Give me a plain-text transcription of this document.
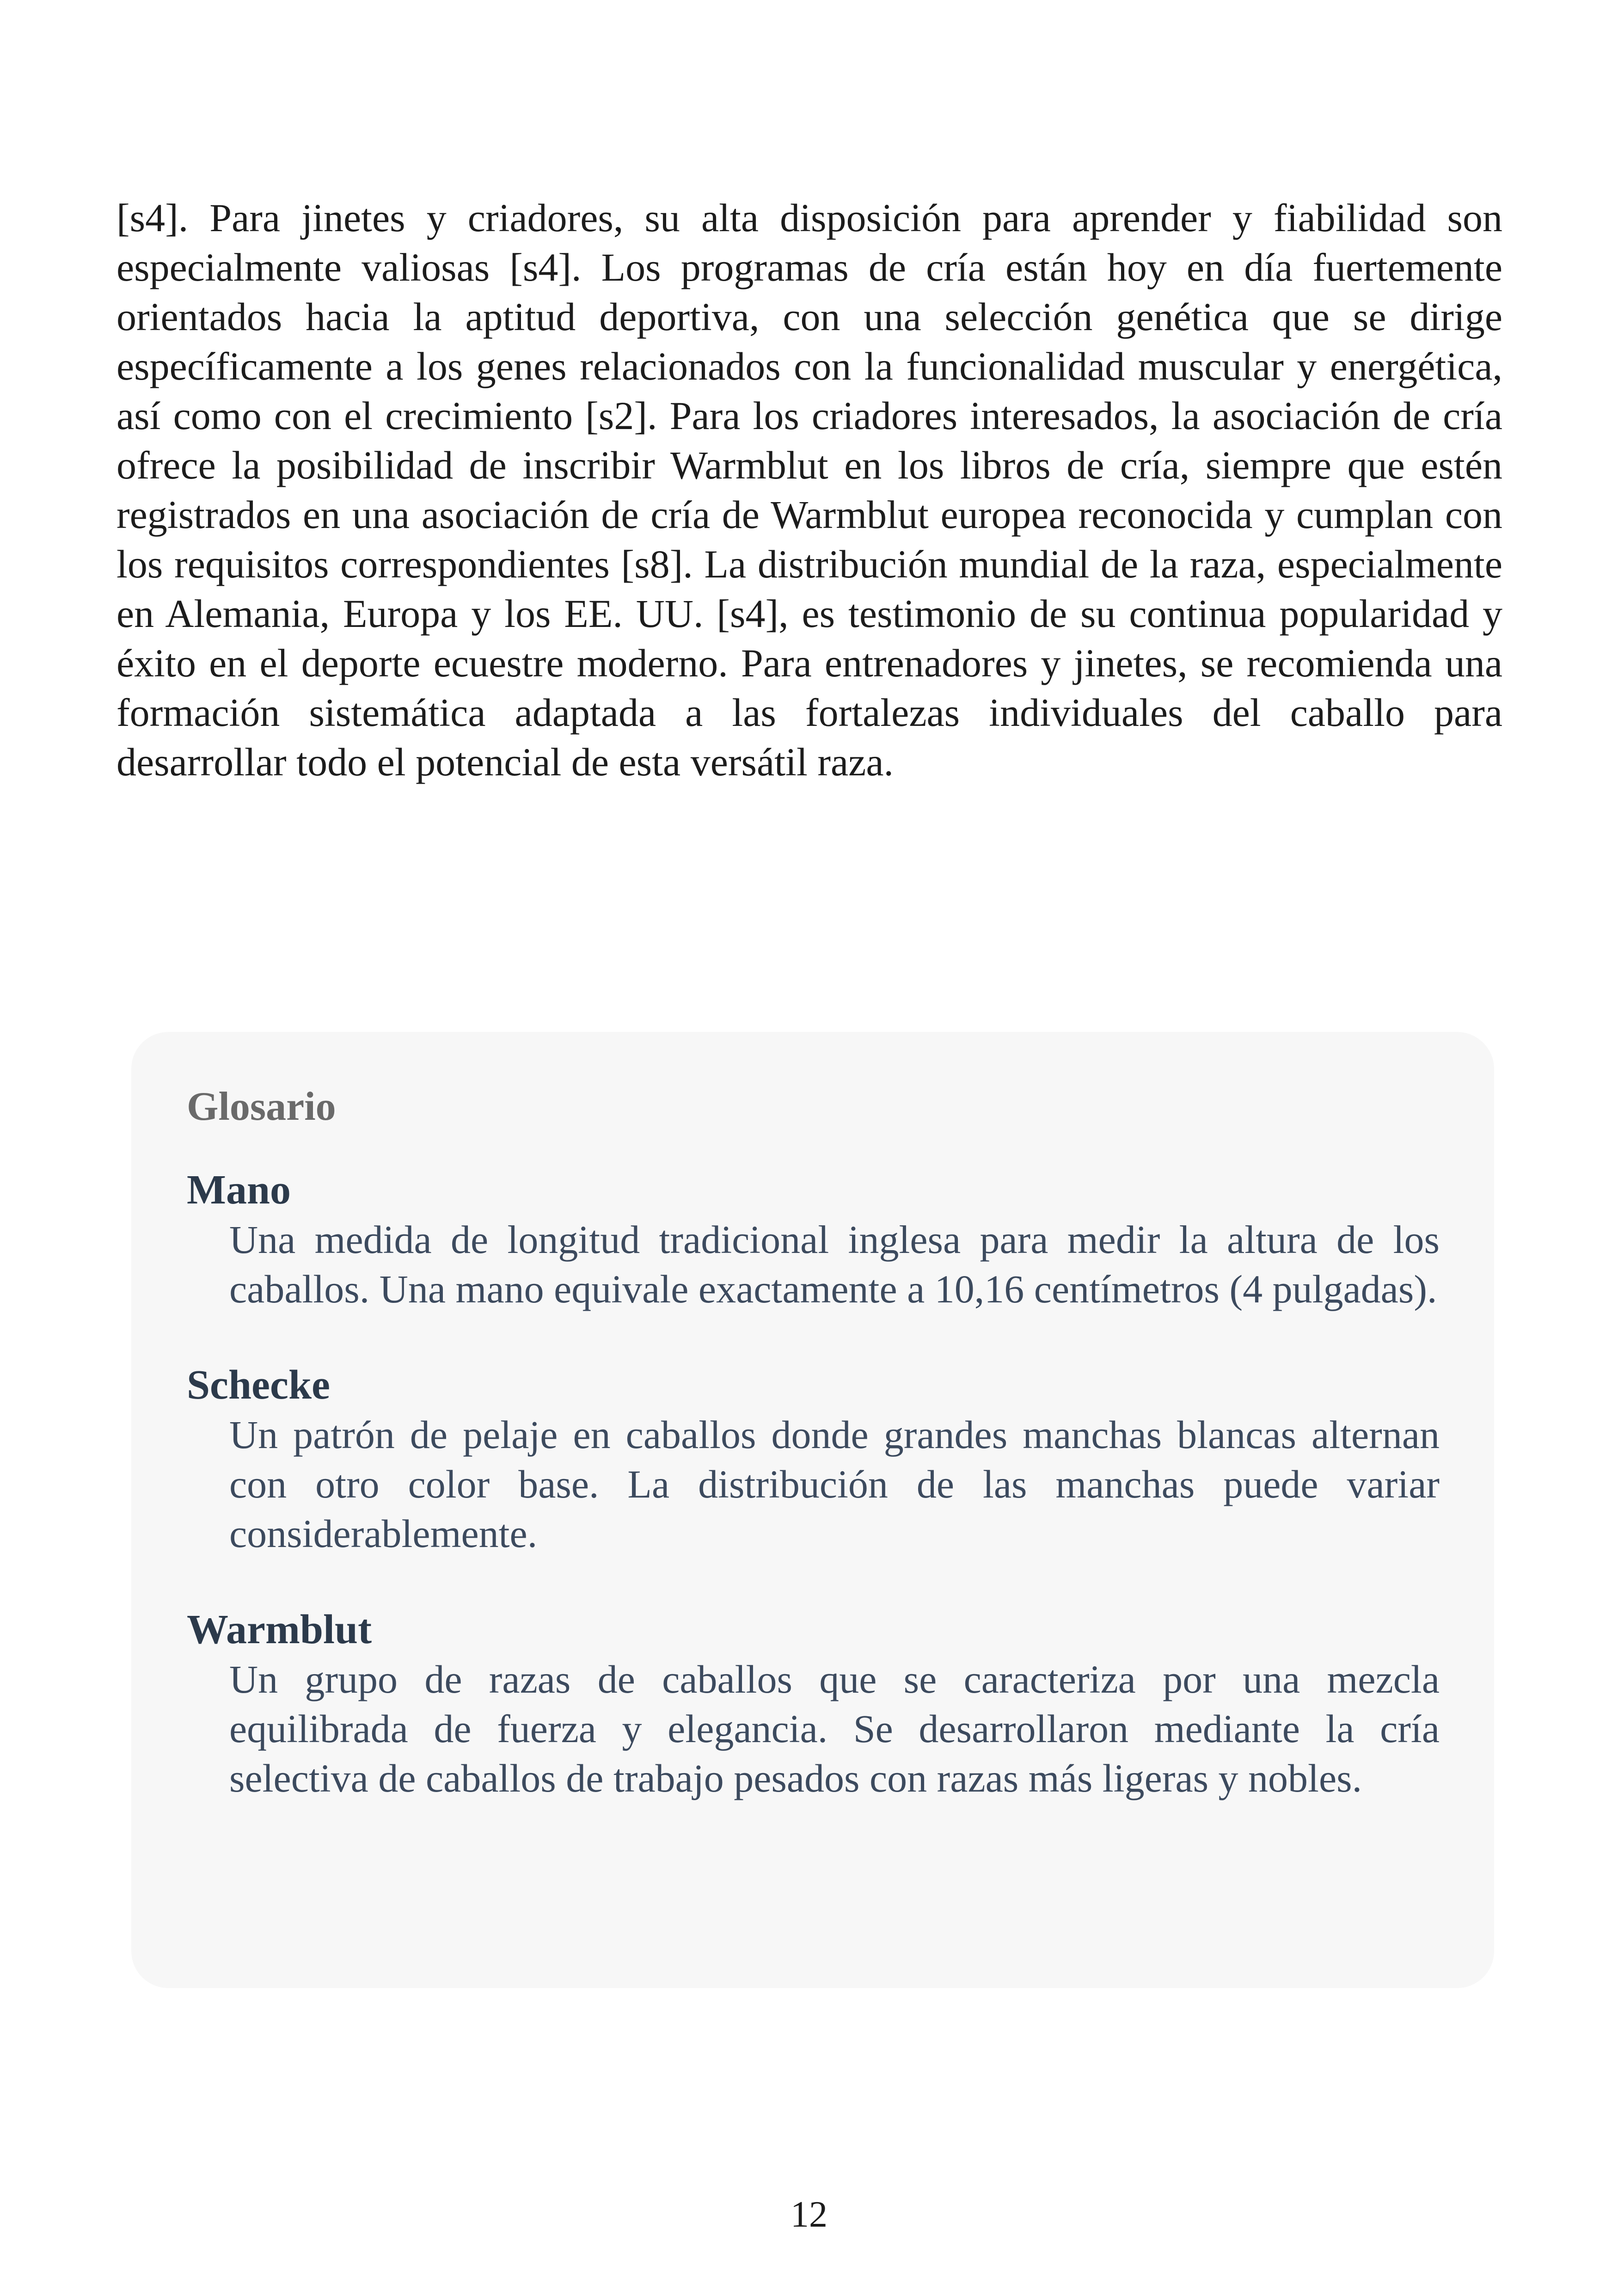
[s4]. Para jinetes y criadores, su alta disposición para aprender y fiabilidad son especialmente valiosas [s4]. Los programas de cría están hoy en día fuertemente orientados hacia la aptitud deportiva, con una selección genética que se dirige específicamente a los genes relacionados con la funcionalidad muscular y energética, así como con el crecimiento [s2]. Para los criadores interesados, la asociación de cría ofrece la posibilidad de inscribir Warmblut en los libros de cría, siempre que estén registrados en una asociación de cría de Warmblut europea reconocida y cumplan con los requisitos correspondientes [s8]. La distribución mundial de la raza, especialmente en Alemania, Europa y los EE. UU. [s4], es testimonio de su continua popularidad y éxito en el deporte ecuestre moderno. Para entrenadores y jinetes, se recomienda una formación sistemática adaptada a las fortalezas individuales del caballo para desarrollar todo el potencial de esta versátil raza.

Glosario

Mano

Una medida de longitud tradicional inglesa para medir la altura de los caballos. Una mano equivale exactamente a 10,16 centímetros (4 pulgadas).

Schecke

Un patrón de pelaje en caballos donde grandes manchas blancas alternan con otro color base. La distribución de las manchas puede variar considerablemente.

Warmblut

Un grupo de razas de caballos que se caracteriza por una mezcla equilibrada de fuerza y elegancia. Se desarrollaron mediante la cría selectiva de caballos de trabajo pesados con razas más ligeras y nobles.

12
